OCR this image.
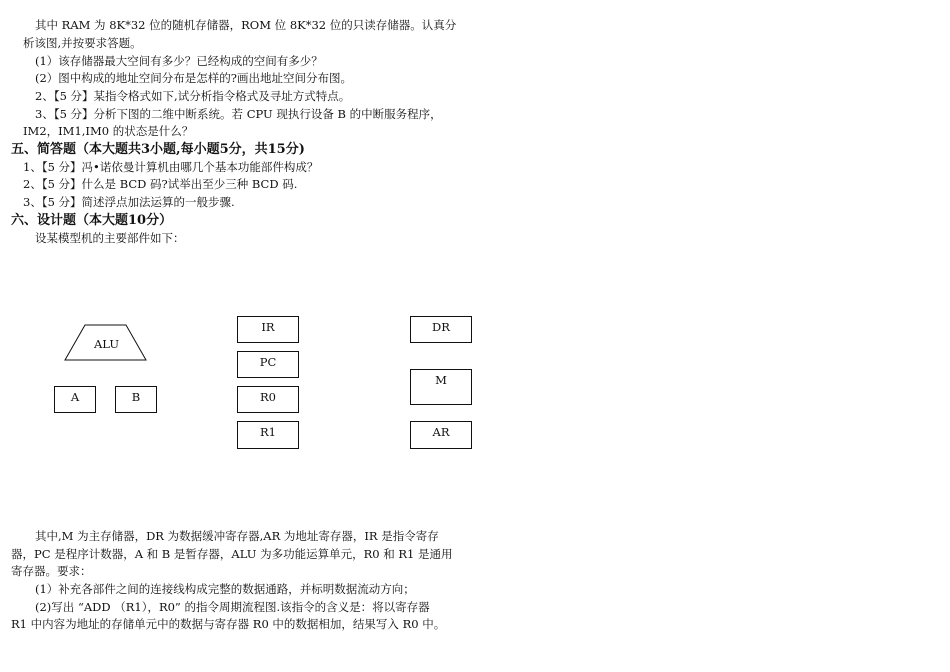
其中 RAM 为 8K*32 位的随机存储器，ROM 位 8K*32 位的只读存储器。认真分
析该图,并按要求答题。
(1）该存储器最大空间有多少？已经构成的空间有多少？
(2）图中构成的地址空间分布是怎样的?画出地址空间分布图。
2、【5 分】某指令格式如下,试分析指令格式及寻址方式特点。
3、【5 分】分析下图的二维中断系统。若 CPU 现执行设备 B 的中断服务程序，
IM2，IM1,IM0 的状态是什么？
五、简答题（本大题共3小题,每小题5分，共15分)
1、【5 分】冯•诺依曼计算机由哪几个基本功能部件构成？
2、【5 分】什么是 BCD 码?试举出至少三种 BCD 码.
3、【5 分】简述浮点加法运算的一般步骤.
六、设计题（本大题10分）
设某模型机的主要部件如下：
ALU
A	B
IR
PC
R0
R1
DR
M
AR
其中,M 为主存储器，DR 为数据缓冲寄存器,AR 为地址寄存器，IR 是指令寄存
器，PC 是程序计数器，A 和 B 是暂存器，ALU 为多功能运算单元，R0 和 R1 是通用
寄存器。要求：
(1）补充各部件之间的连接线构成完整的数据通路，并标明数据流动方向；
(2)写出 “ADD （R1），R0” 的指令周期流程图.该指令的含义是：将以寄存器
R1 中内容为地址的存储单元中的数据与寄存器 R0 中的数据相加，结果写入 R0 中。
